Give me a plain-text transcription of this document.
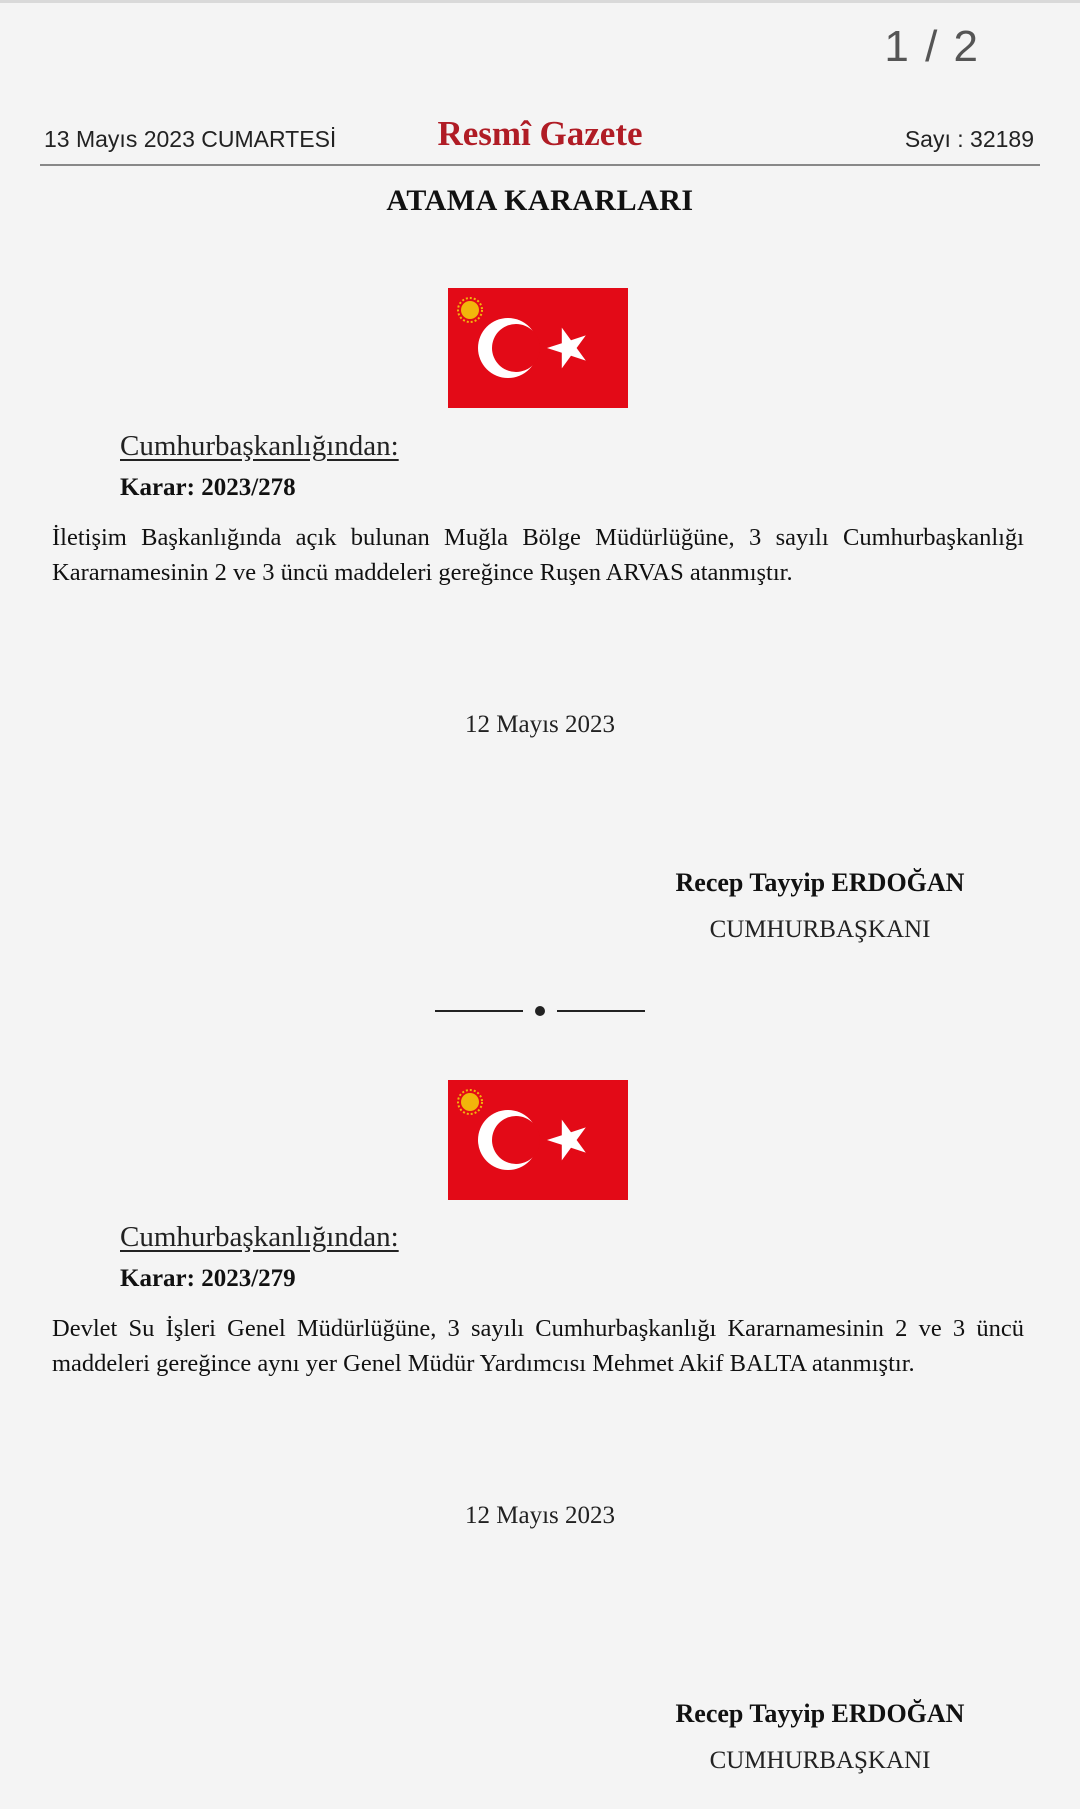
1 / 2
13 Mayıs 2023 CUMARTESİ	Resmî Gazete	Sayı : 32189
ATAMA KARARLARI
Cumhurbaşkanlığından:
Karar: 2023/278
İletişim Başkanlığında açık bulunan Muğla Bölge Müdürlüğüne, 3 sayılı Cumhurbaşkanlığı Kararnamesinin 2 ve 3 üncü maddeleri gereğince Ruşen ARVAS atanmıştır.
12 Mayıs 2023
Recep Tayyip ERDOĞAN
CUMHURBAŞKANI
Cumhurbaşkanlığından:
Karar: 2023/279
Devlet Su İşleri Genel Müdürlüğüne, 3 sayılı Cumhurbaşkanlığı Kararnamesinin 2 ve 3 üncü maddeleri gereğince aynı yer Genel Müdür Yardımcısı Mehmet Akif BALTA atanmıştır.
12 Mayıs 2023
Recep Tayyip ERDOĞAN
CUMHURBAŞKANI
